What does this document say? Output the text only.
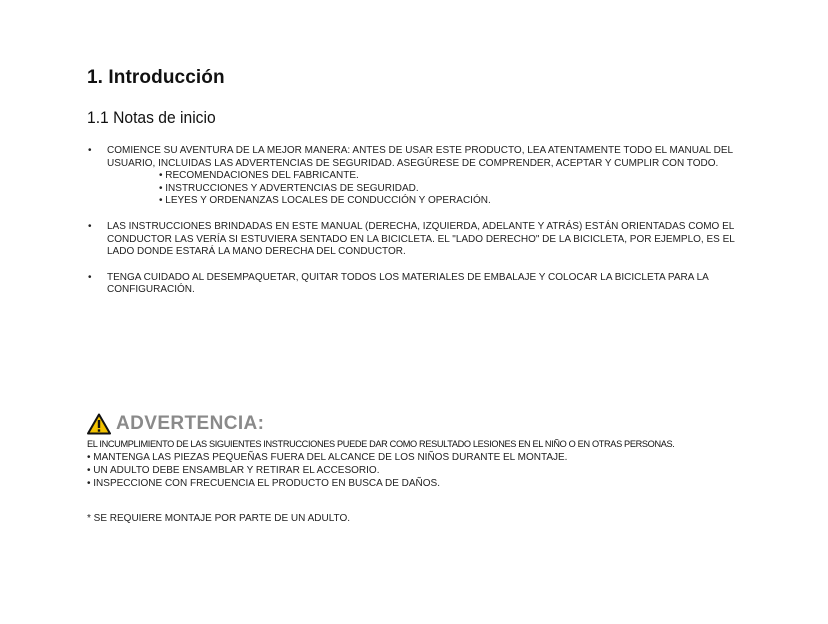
1. Introducción
1.1 Notas de inicio
• COMIENCE SU AVENTURA DE LA MEJOR MANERA: ANTES DE USAR ESTE PRODUCTO, LEA ATENTAMENTE TODO EL MANUAL DEL USUARIO, INCLUIDAS LAS ADVERTENCIAS DE SEGURIDAD. ASEGÚRESE DE COMPRENDER, ACEPTAR Y CUMPLIR CON TODO.
• RECOMENDACIONES DEL FABRICANTE.
• INSTRUCCIONES Y ADVERTENCIAS DE SEGURIDAD.
• LEYES Y ORDENANZAS LOCALES DE CONDUCCIÓN Y OPERACIÓN.
• LAS INSTRUCCIONES BRINDADAS EN ESTE MANUAL (DERECHA, IZQUIERDA, ADELANTE Y ATRÁS) ESTÁN ORIENTADAS COMO EL CONDUCTOR LAS VERÍA SI ESTUVIERA SENTADO EN LA BICICLETA. EL "LADO DERECHO" DE LA BICICLETA, POR EJEMPLO, ES EL LADO DONDE ESTARÁ LA MANO DERECHA DEL CONDUCTOR.
• TENGA CUIDADO AL DESEMPAQUETAR, QUITAR TODOS LOS MATERIALES DE EMBALAJE Y COLOCAR LA BICICLETA PARA LA CONFIGURACIÓN.
ADVERTENCIA:
EL INCUMPLIMIENTO DE LAS SIGUIENTES INSTRUCCIONES PUEDE DAR COMO RESULTADO LESIONES EN EL NIÑO O EN OTRAS PERSONAS.
• MANTENGA LAS PIEZAS PEQUEÑAS FUERA DEL ALCANCE DE LOS NIÑOS DURANTE EL MONTAJE.
• UN ADULTO DEBE ENSAMBLAR Y RETIRAR EL ACCESORIO.
• INSPECCIONE CON FRECUENCIA EL PRODUCTO EN BUSCA DE DAÑOS.
* SE REQUIERE MONTAJE POR PARTE DE UN ADULTO.
